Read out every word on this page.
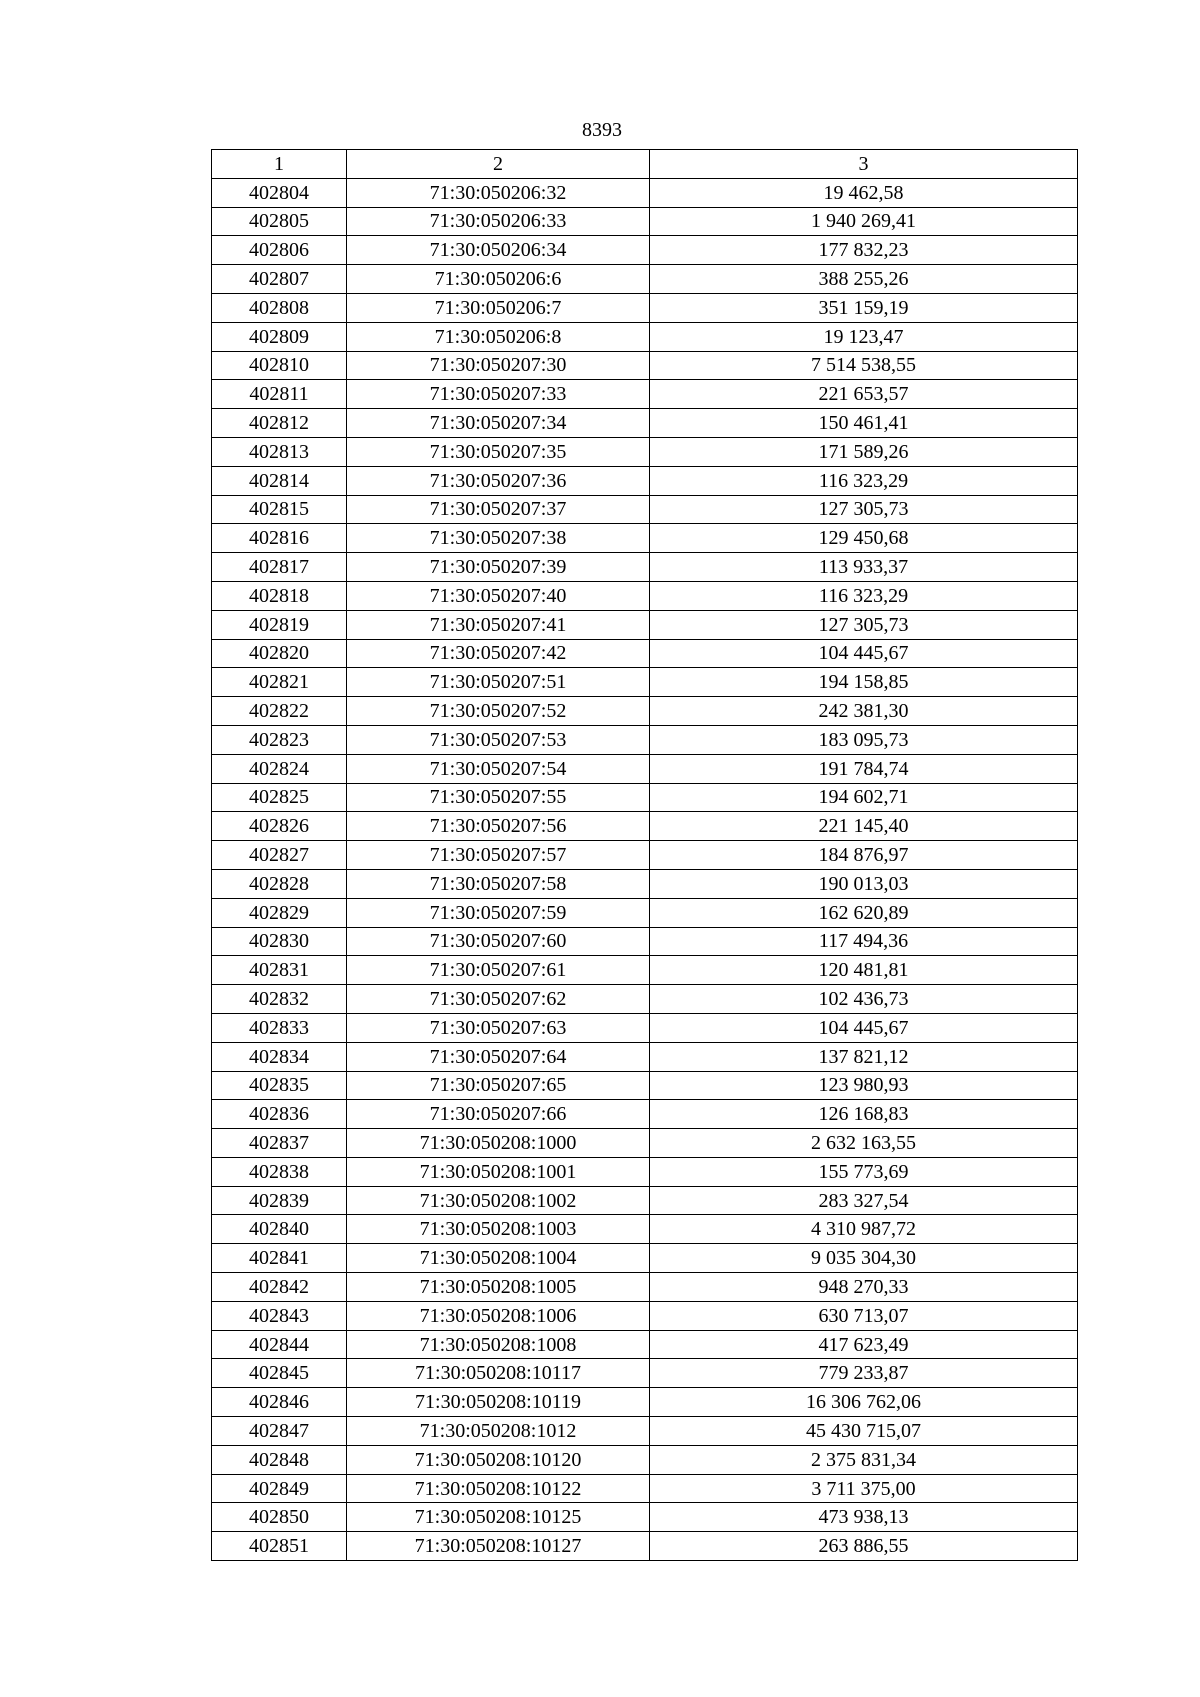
8393
1	2	3
402804	71:30:050206:32	19 462,58
402805	71:30:050206:33	1 940 269,41
402806	71:30:050206:34	177 832,23
402807	71:30:050206:6	388 255,26
402808	71:30:050206:7	351 159,19
402809	71:30:050206:8	19 123,47
402810	71:30:050207:30	7 514 538,55
402811	71:30:050207:33	221 653,57
402812	71:30:050207:34	150 461,41
402813	71:30:050207:35	171 589,26
402814	71:30:050207:36	116 323,29
402815	71:30:050207:37	127 305,73
402816	71:30:050207:38	129 450,68
402817	71:30:050207:39	113 933,37
402818	71:30:050207:40	116 323,29
402819	71:30:050207:41	127 305,73
402820	71:30:050207:42	104 445,67
402821	71:30:050207:51	194 158,85
402822	71:30:050207:52	242 381,30
402823	71:30:050207:53	183 095,73
402824	71:30:050207:54	191 784,74
402825	71:30:050207:55	194 602,71
402826	71:30:050207:56	221 145,40
402827	71:30:050207:57	184 876,97
402828	71:30:050207:58	190 013,03
402829	71:30:050207:59	162 620,89
402830	71:30:050207:60	117 494,36
402831	71:30:050207:61	120 481,81
402832	71:30:050207:62	102 436,73
402833	71:30:050207:63	104 445,67
402834	71:30:050207:64	137 821,12
402835	71:30:050207:65	123 980,93
402836	71:30:050207:66	126 168,83
402837	71:30:050208:1000	2 632 163,55
402838	71:30:050208:1001	155 773,69
402839	71:30:050208:1002	283 327,54
402840	71:30:050208:1003	4 310 987,72
402841	71:30:050208:1004	9 035 304,30
402842	71:30:050208:1005	948 270,33
402843	71:30:050208:1006	630 713,07
402844	71:30:050208:1008	417 623,49
402845	71:30:050208:10117	779 233,87
402846	71:30:050208:10119	16 306 762,06
402847	71:30:050208:1012	45 430 715,07
402848	71:30:050208:10120	2 375 831,34
402849	71:30:050208:10122	3 711 375,00
402850	71:30:050208:10125	473 938,13
402851	71:30:050208:10127	263 886,55
